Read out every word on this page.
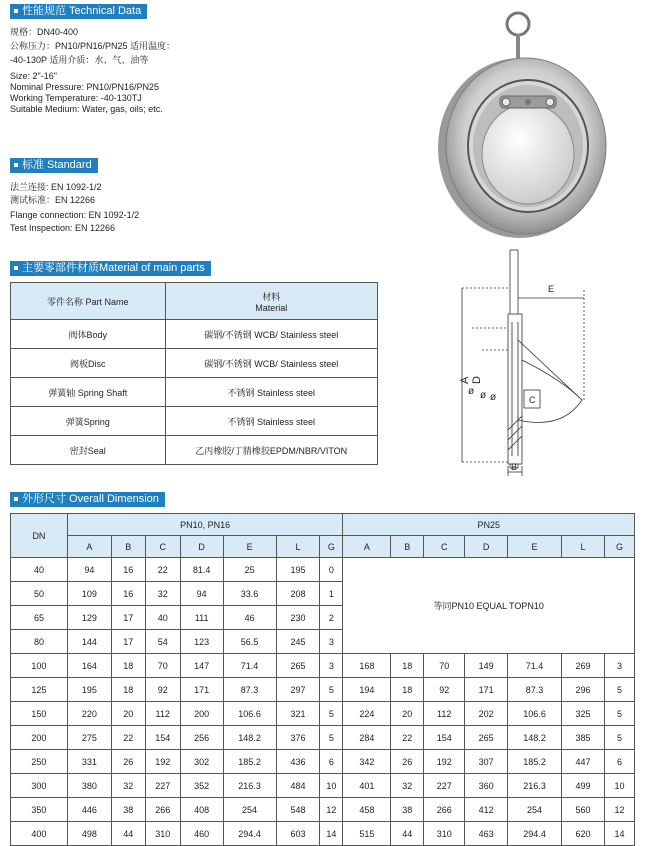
性能规范 Technical Data
规格：DN40-400
公称压力：PN10/PN16/PN25 适用温度：
-40-130P 适用介质：水、气、油等
Size: 2"-16"
Nominal Pressure: PN10/PN16/PN25
Working Temperature: -40-130TJ
Suitable Medium: Water, gas, oils; etc.
标准 Standard
法兰连接: EN 1092-1/2
测试标准：EN 12266
Flange connection: EN 1092-1/2
Test Inspection: EN 12266
主要零部件材质Material of main parts
零件名称 Part Name	材料
Material

阀体Body	碳钢/不锈钢 WCB/ Stainless steel
阀板Disc	碳钢/不锈钢 WCB/ Stainless steel
弹簧轴 Spring Shaft	不锈钢 Stainless steel
弹簧Spring	不锈钢 Stainless steel
密封Seal	乙丙橡胶/丁腈橡胶EPDM/NBR/VITON
E
A D
ø ø ø	C
B
外形尺寸 Overall Dimension
DN	PN10, PN16							PN25						
	A	B	C	D	E	L	G	A	B	C	D	E	L	G
40	94	16	22	81.4	25	195	0	等同PN10 EQUAL TOPN10						
50	109	16	32	94	33.6	208	1							
65	129	17	40	111	46	230	2							
80	144	17	54	123	56.5	245	3							
100	164	18	70	147	71.4	265	3	168	18	70	149	71.4	269	3
125	195	18	92	171	87.3	297	5	194	18	92	171	87.3	296	5
150	220	20	112	200	106.6	321	5	224	20	112	202	106.6	325	5
200	275	22	154	256	148.2	376	5	284	22	154	265	148.2	385	5
250	331	26	192	302	185.2	436	6	342	26	192	307	185.2	447	6
300	380	32	227	352	216.3	484	10	401	32	227	360	216.3	499	10
350	446	38	266	408	254	548	12	458	38	266	412	254	560	12
400	498	44	310	460	294.4	603	14	515	44	310	463	294.4	620	14
